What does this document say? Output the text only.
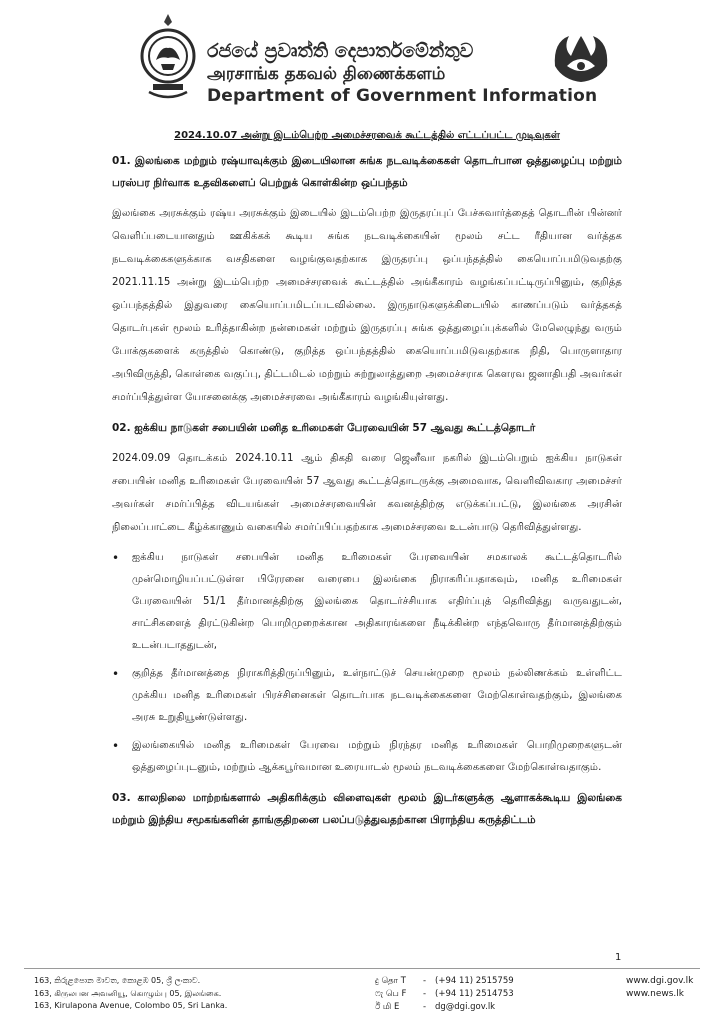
රජයේ ප්‍රවෘත්ති දෙපාර්තමේන්තුව
அரசாங்க தகவல் திணைக்களம்
Department of Government Information
2024.10.07 அன்று இடம்பெற்ற அமைச்சரவைக் கூட்டத்தில் எட்டப்பட்ட முடிவுகள்
01. இலங்கை மற்றும் ரஷ்யாவுக்கும் இடையிலான சுங்க நடவடிக்கைகள் தொடர்பான ஒத்துழைப்பு மற்றும் பரஸ்பர நிர்வாக உதவிகளைப் பெற்றுக் கொள்கின்ற ஒப்பந்தம்
இலங்கை அரசுக்கும் ரஷ்ய அரசுக்கும் இடையில் இடம்பெற்ற இருதரப்புப் பேச்சுவார்த்தைத் தொடரின் பின்னர் வெளிப்படையானதும் ஊகிக்கக் கூடிய சுங்க நடவடிக்கையின் மூலம் சட்ட ரீதியான வர்த்தக நடவடிக்கைகளுக்காக வசதிகளை வழங்குவதற்காக இருதரப்பு ஒப்பந்தத்தில் கையொப்பமிடுவதற்கு 2021.11.15 அன்று இடம்பெற்ற அமைச்சரவைக் கூட்டத்தில் அங்கீகாரம் வழங்கப்பட்டிருப்பினும், குறித்த ஒப்பந்தத்தில் இதுவரை கையொப்பமிடப்படவில்லை. இருநாடுகளுக்கிடையில் காணப்படும் வர்த்தகத் தொடர்புகள் மூலம் உரித்தாகின்ற நன்மைகள் மற்றும் இருதரப்பு சுங்க ஒத்துழைப்புக்களில் மேலெழுந்து வரும் போக்குகளைக் கருத்தில் கொண்டு, குறித்த ஒப்பந்தத்தில் கையொப்பமிடுவதற்காக நிதி, பொருளாதார அபிவிருத்தி, கொள்கை வகுப்பு, திட்டமிடல் மற்றும் சுற்றுலாத்துறை அமைச்சராக கௌரவ ஜனாதிபதி அவர்கள் சமர்ப்பித்துள்ள யோசனைக்கு அமைச்சரவை அங்கீகாரம் வழங்கியுள்ளது.
02. ஐக்கிய நாடுகள் சபையின் மனித உரிமைகள் பேரவையின் 57 ஆவது கூட்டத்தொடர்
2024.09.09 தொடக்கம் 2024.10.11 ஆம் திகதி வரை ஜெனீவா நகரில் இடம்பெறும் ஐக்கிய நாடுகள் சபையின் மனித உரிமைகள் பேரவையின் 57 ஆவது கூட்டத்தொடருக்கு அமைவாக, வெளிவிவகார அமைச்சர் அவர்கள் சமர்ப்பித்த விடயங்கள் அமைச்சரவையின் கவனத்திற்கு எடுக்கப்பட்டு, இலங்கை அரசின் நிலைப்பாட்டை கீழ்க்காணும் வகையில் சமர்ப்பிப்பதற்காக அமைச்சரவை உடன்பாடு தெரிவித்துள்ளது.
• ஐக்கிய நாடுகள் சபையின் மனித உரிமைகள் பேரவையின் சமகாலக் கூட்டத்தொடரில் முன்மொழியப்பட்டுள்ள பிரேரனை வரைபை இலங்கை நிராகரிப்பதாகவும், மனித உரிமைகள் பேரவையின் 51/1 தீர்மானத்திற்கு இலங்கை தொடர்ச்சியாக எதிர்ப்புத் தெரிவித்து வருவதுடன், சாட்சிகளைத் திரட்டுகின்ற பொறிமுறைக்கான அதிகாரங்களை நீடிக்கின்ற எந்தவொரு தீர்மானத்திற்கும் உடன்படாததுடன்,
• குறித்த தீர்மானத்தை நிராகரித்திருப்பினும், உள்நாட்டுச் செயன்முறை மூலம் நல்லிணக்கம் உள்ளிட்ட முக்கிய மனித உரிமைகள் பிரச்சினைகள் தொடர்பாக நடவடிக்கைகளை மேற்கொள்வதற்கும், இலங்கை அரசு உறுதியூண்டுள்ளது.
• இலங்கையில் மனித உரிமைகள் பேரவை மற்றும் நிரந்தர மனித உரிமைகள் பொறிமுறைகளுடன் ஒத்துழைப்புடனும், மற்றும் ஆக்கபூர்வமான உரையாடல் மூலம் நடவடிக்கைகளை மேற்கொள்வதாகும்.
03. காலநிலை மாற்றங்களால் அதிகரிக்கும் விளைவுகள் மூலம் இடர்களுக்கு ஆளாகக்கூடிய இலங்கை மற்றும் இந்திய சமூகங்களின் தாங்குதிறனை பலப்படுத்துவதற்கான பிராந்திய கருத்திட்டம்
1
163, කිරුළපොන මාවත, කොළඹ 05, ශ්‍රී ලංකාව.
163, கிருலபன அவனியூ, கொழும்பு 05, இலங்கை.
163, Kirulapona Avenue, Colombo 05, Sri Lanka.
දු தொ T	-	(+94 11) 2515759
ෆැ பெ F	-	(+94 11) 2514753
ඊ மி E	-	dg@dgi.gov.lk
www.dgi.gov.lk
www.news.lk
